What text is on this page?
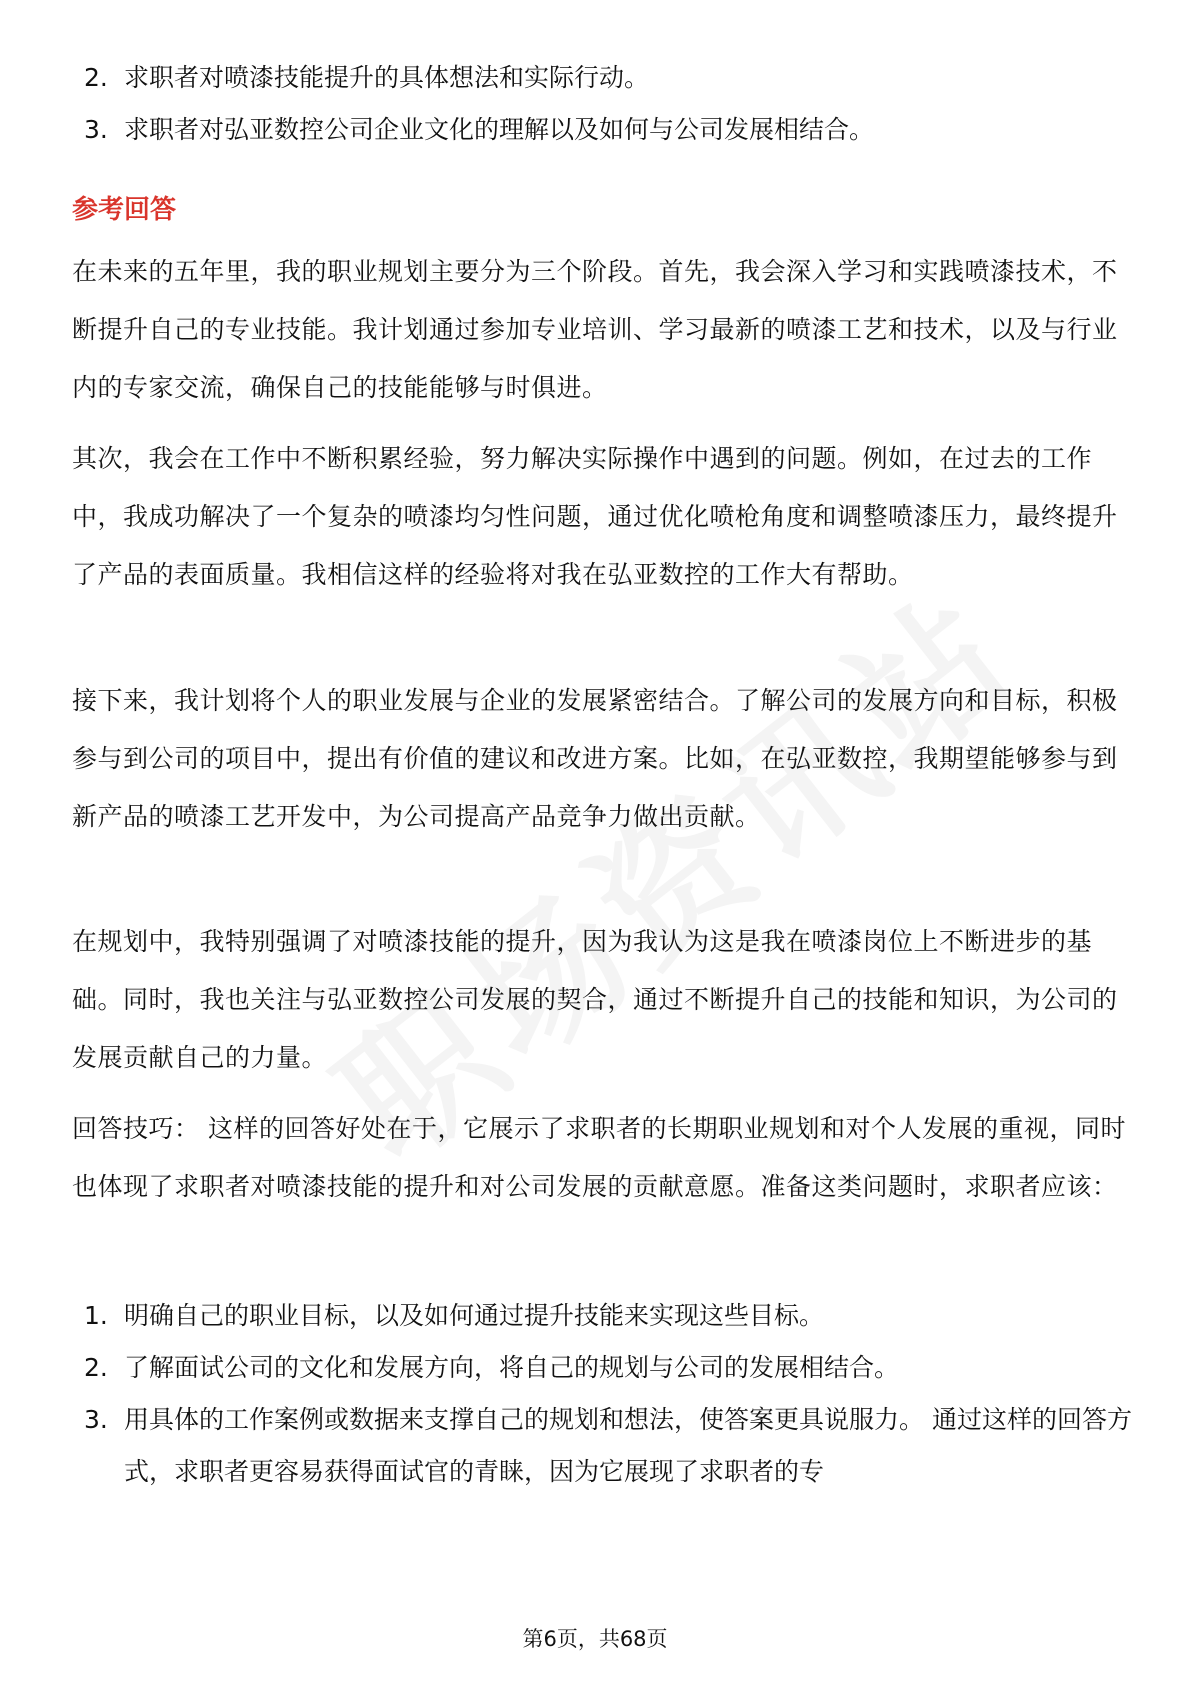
2. 求职者对喷漆技能提升的具体想法和实际行动。
3. 求职者对弘亚数控公司企业文化的理解以及如何与公司发展相结合。
参考回答

在未来的五年里，我的职业规划主要分为三个阶段。首先，我会深入学习和实践喷漆技术，不断提升自己的专业技能。我计划通过参加专业培训、学习最新的喷漆工艺和技术，以及与行业内的专家交流，确保自己的技能能够与时俱进。

其次，我会在工作中不断积累经验，努力解决实际操作中遇到的问题。例如，在过去的工作中，我成功解决了一个复杂的喷漆均匀性问题，通过优化喷枪角度和调整喷漆压力，最终提升了产品的表面质量。我相信这样的经验将对我在弘亚数控的工作大有帮助。

接下来，我计划将个人的职业发展与企业的发展紧密结合。了解公司的发展方向和目标，积极参与到公司的项目中，提出有价值的建议和改进方案。比如，在弘亚数控，我期望能够参与到新产品的喷漆工艺开发中，为公司提高产品竞争力做出贡献。

在规划中，我特别强调了对喷漆技能的提升，因为我认为这是我在喷漆岗位上不断进步的基础。同时，我也关注与弘亚数控公司发展的契合，通过不断提升自己的技能和知识，为公司的发展贡献自己的力量。

回答技巧： 这样的回答好处在于，它展示了求职者的长期职业规划和对个人发展的重视，同时也体现了求职者对喷漆技能的提升和对公司发展的贡献意愿。准备这类问题时，求职者应该：

1. 明确自己的职业目标，以及如何通过提升技能来实现这些目标。
2. 了解面试公司的文化和发展方向，将自己的规划与公司的发展相结合。
3. 用具体的工作案例或数据来支撑自己的规划和想法，使答案更具说服力。 通过这样的回答方式，求职者更容易获得面试官的青睐，因为它展现了求职者的专
第6页，共68页
